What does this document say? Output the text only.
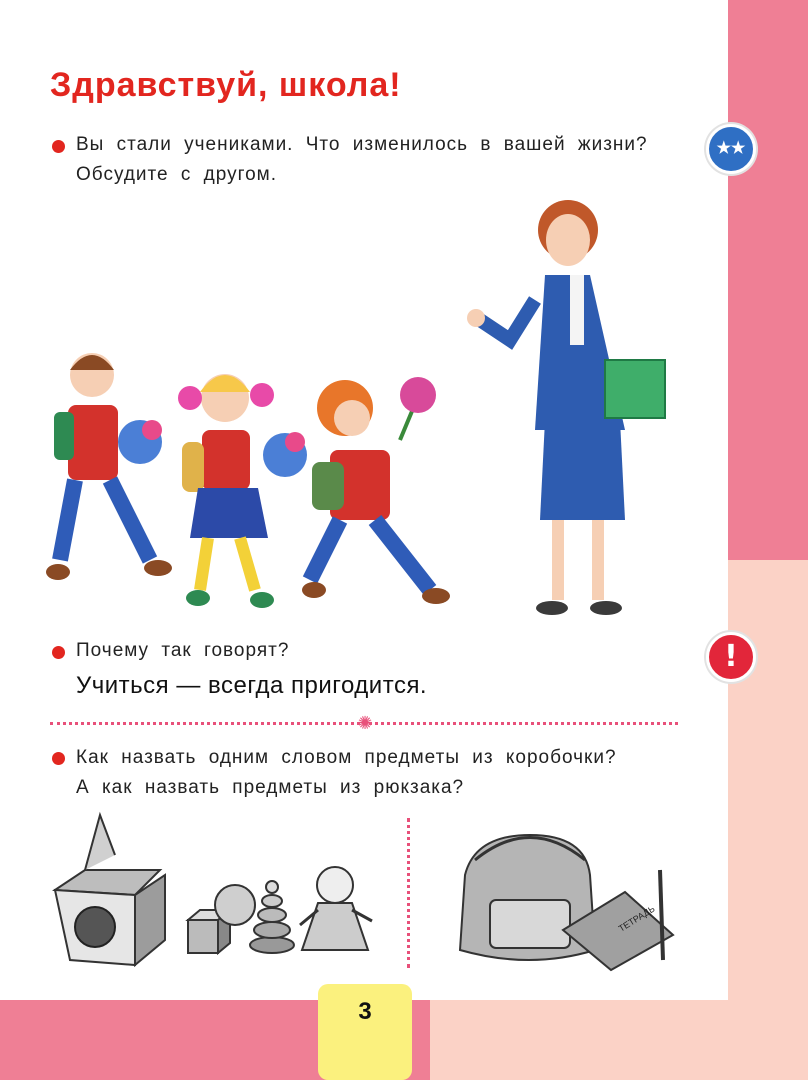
Здравствуй, школа!
Вы стали учениками. Что изменилось в вашей жизни?
Обсудите с другом.
Почему так говорят?
Учиться — всегда пригодится.
✺
Как назвать одним словом предметы из коробочки?
А как назвать предметы из рюкзака?
ТЕТРАДЬ
★★
!
3
